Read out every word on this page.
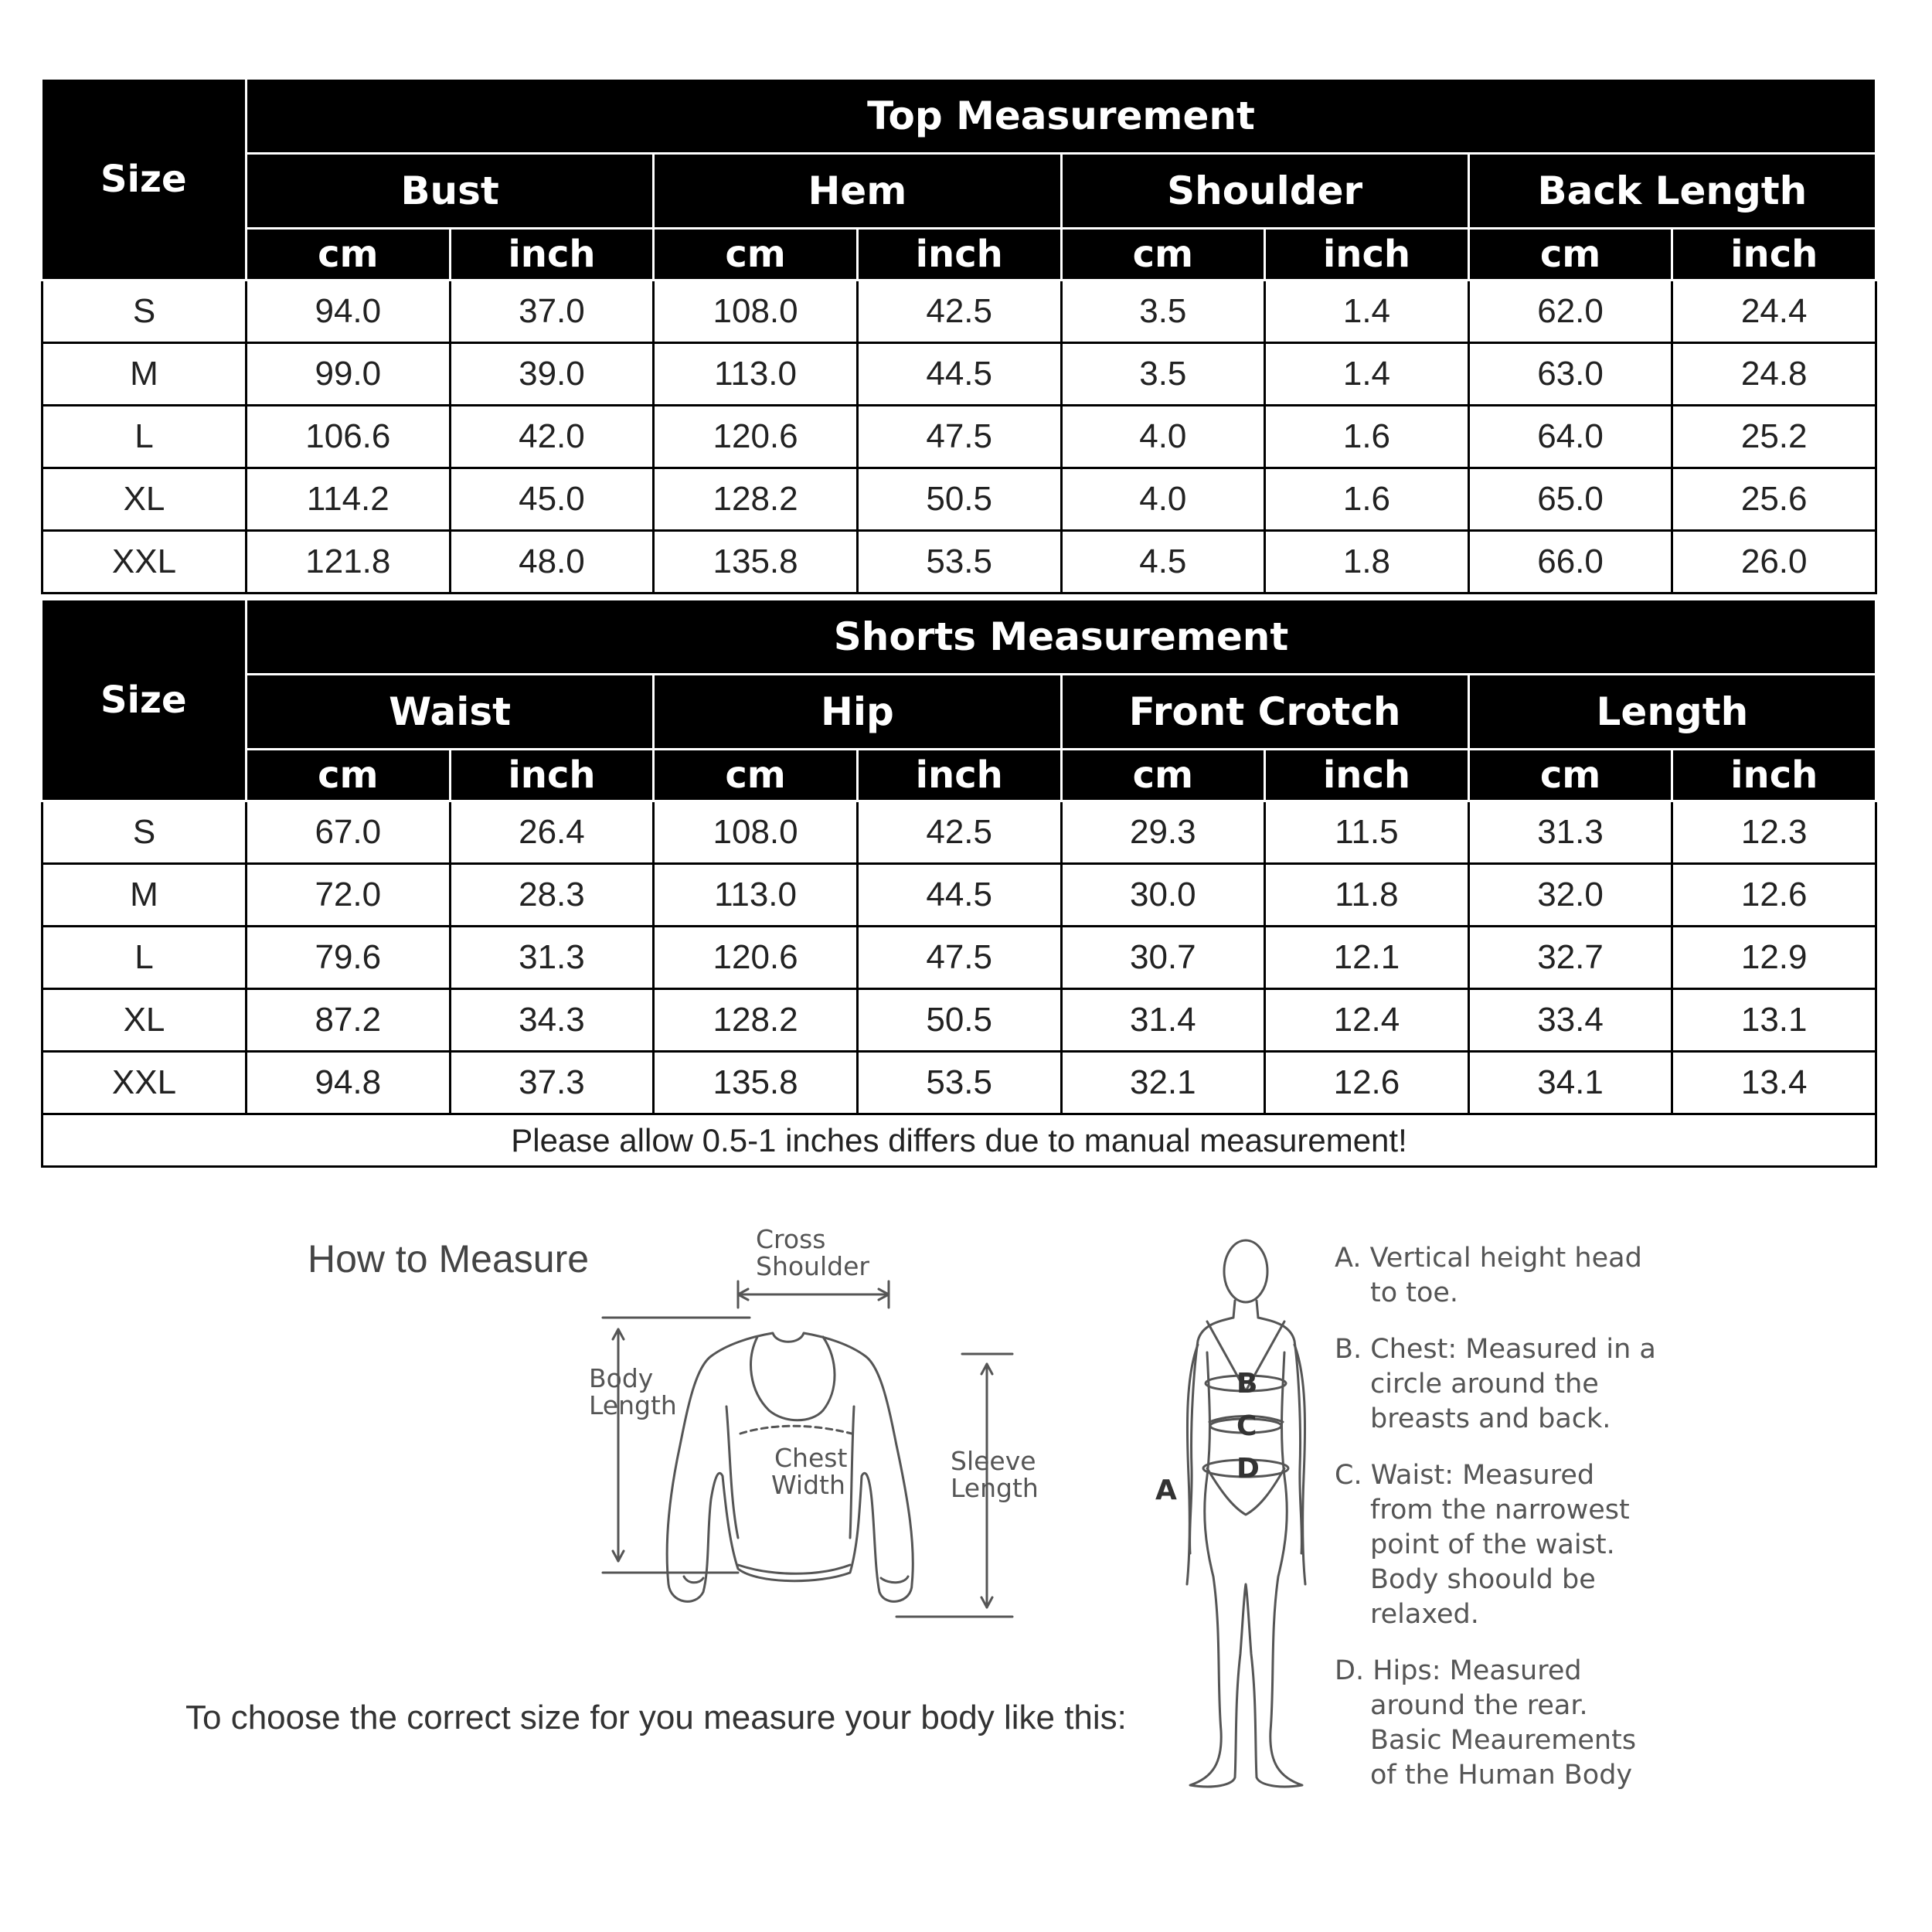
Size	Top Measurement							
	Bust		Hem		Shoulder		Back Length	
	cm	inch	cm	inch	cm	inch	cm	inch
S	94.0	37.0	108.0	42.5	3.5	1.4	62.0	24.4
M	99.0	39.0	113.0	44.5	3.5	1.4	63.0	24.8
L	106.6	42.0	120.6	47.5	4.0	1.6	64.0	25.2
XL	114.2	45.0	128.2	50.5	4.0	1.6	65.0	25.6
XXL	121.8	48.0	135.8	53.5	4.5	1.8	66.0	26.0
Size	Shorts Measurement							
	Waist		Hip		Front Crotch		Length	
	cm	inch	cm	inch	cm	inch	cm	inch
S	67.0	26.4	108.0	42.5	29.3	11.5	31.3	12.3
M	72.0	28.3	113.0	44.5	30.0	11.8	32.0	12.6
L	79.6	31.3	120.6	47.5	30.7	12.1	32.7	12.9
XL	87.2	34.3	128.2	50.5	31.4	12.4	33.4	13.1
XXL	94.8	37.3	135.8	53.5	32.1	12.6	34.1	13.4
Please allow 0.5-1 inches differs due to manual measurement!								
How to Measure	Cross
Shoulder
Body
Length
Chest
Width
Sleeve
Length
To choose the correct size for you measure your body like this:
B
C
D
A
A. Vertical height head
to toe.
B. Chest: Measured in a
circle around the
breasts and back.
C. Waist: Measured
from the narrowest
point of the waist.
Body shoould be
relaxed.
D. Hips: Measured
around the rear.
Basic Meaurements
of the Human Body
